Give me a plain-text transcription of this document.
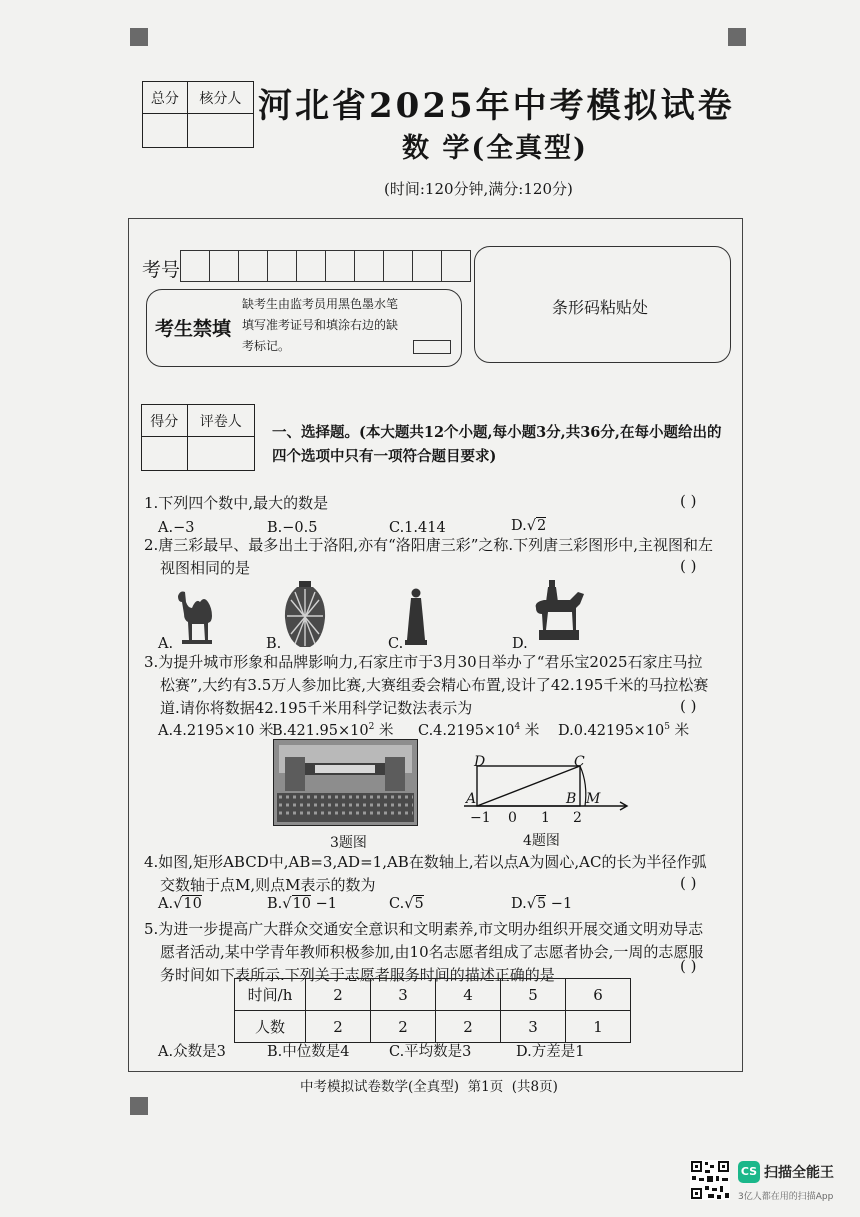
总分	核分人
	河北省2025年中考模拟试卷
数 学(全真型)
(时间:120分钟,满分:120分)
考号
考生禁填
缺考生由监考员用黑色墨水笔
填写准考证号和填涂右边的缺
考标记。
条形码粘贴处
得分	评卷人

一、选择题。(本大题共12个小题,每小题3分,共36分,在每小题给出的
四个选项中只有一项符合题目要求)
1.下列四个数中,最大的数是	( )
A.−3	B.−0.5	C.1.414	D.√2
2.唐三彩最早、最多出土于洛阳,亦有“洛阳唐三彩”之称.下列唐三彩图形中,主视图和左
视图相同的是	( )
A.	B.	C.	D.
3.为提升城市形象和品牌影响力,石家庄市于3月30日举办了“君乐宝2025石家庄马拉
松赛”,大约有3.5万人参加比赛,大赛组委会精心布置,设计了42.195千米的马拉松赛
道.请你将数据42.195千米用科学记数法表示为	( )
A.4.2195×10 米
$B.421.95\times 10^2$ 米 $C.4.2195\times 10^4$ 米 $D.0.42195\times 10^5$ 米
3题图
D	C
A	B M
−1 0 1 2
4题图
4.如图,矩形ABCD中,AB=3,AD=1,AB在数轴上,若以点A为圆心,AC的长为半径作弧
交数轴于点M,则点M表示的数为	( )
A.√10	B.√10 −1	C.√5	D.√5 −1
5.为进一步提高广大群众交通安全意识和文明素养,市文明办组织开展交通文明劝导志
愿者活动,某中学青年教师积极参加,由10名志愿者组成了志愿者协会,一周的志愿服
务时间如下表所示.下列关于志愿者服务时间的描述正确的是	( )
时间/h	2	3	4	5	6
人数	2	2	2	3	1
A.众数是3	B.中位数是4	C.平均数是3	D.方差是1
中考模拟试卷数学(全真型)  第1页  (共8页)
CS 扫描全能王
3亿人都在用的扫描App
